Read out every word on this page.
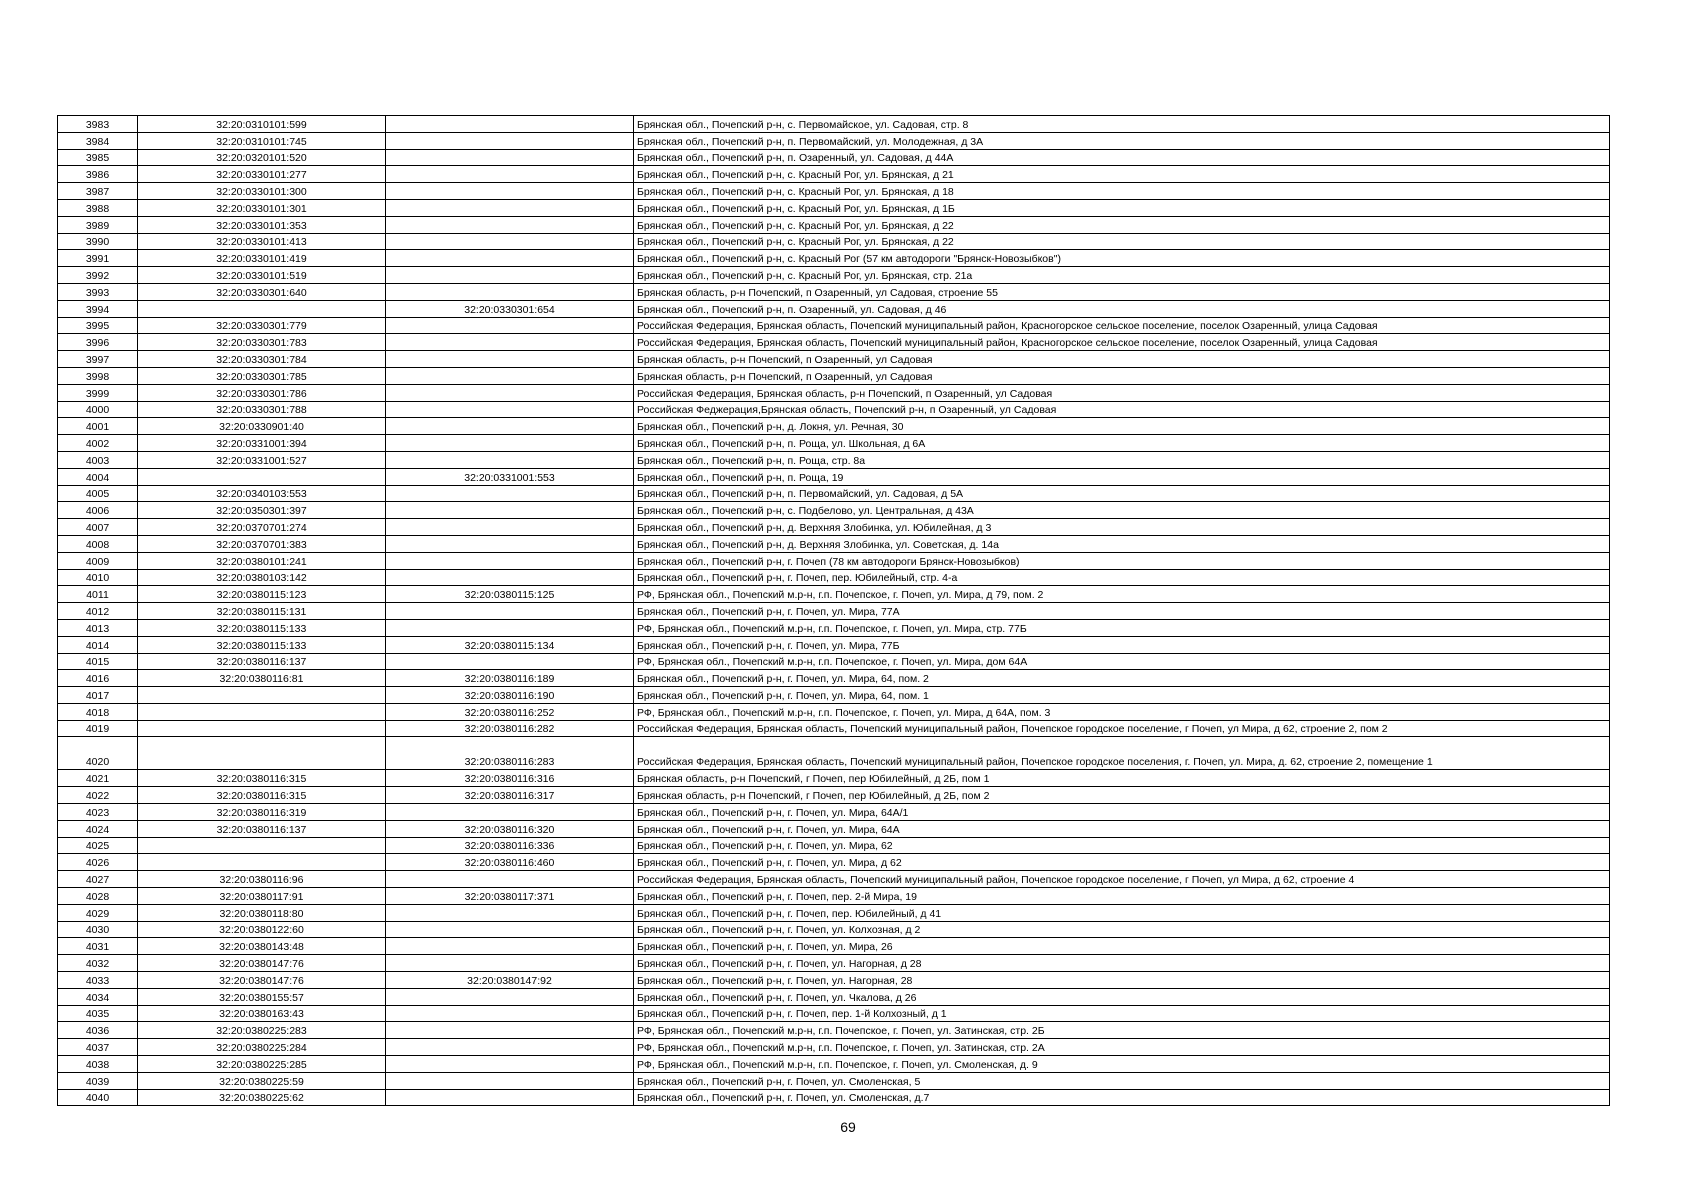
3983	32:20:0310101:599		Брянская обл., Почепский р-н, с. Первомайское, ул. Садовая, стр. 8
3984	32:20:0310101:745		Брянская обл., Почепский р-н, п. Первомайский, ул. Молодежная, д 3А
3985	32:20:0320101:520		Брянская обл., Почепский р-н, п. Озаренный, ул. Садовая, д 44А
3986	32:20:0330101:277		Брянская обл., Почепский р-н, с. Красный Рог, ул. Брянская, д 21
3987	32:20:0330101:300		Брянская обл., Почепский р-н, с. Красный Рог, ул. Брянская, д 18
3988	32:20:0330101:301		Брянская обл., Почепский р-н, с. Красный Рог, ул. Брянская, д 1Б
3989	32:20:0330101:353		Брянская обл., Почепский р-н, с. Красный Рог, ул. Брянская, д 22
3990	32:20:0330101:413		Брянская обл., Почепский р-н, с. Красный Рог, ул. Брянская, д 22
3991	32:20:0330101:419		Брянская обл., Почепский р-н, с. Красный Рог (57 км автодороги "Брянск-Новозыбков")
3992	32:20:0330101:519		Брянская обл., Почепский р-н, с. Красный Рог, ул. Брянская, стр. 21а
3993	32:20:0330301:640		Брянская область, р-н Почепский, п Озаренный, ул Садовая, строение 55
3994		32:20:0330301:654	Брянская обл., Почепский р-н, п. Озаренный, ул. Садовая, д 46
3995	32:20:0330301:779		Российская Федерация, Брянская область, Почепский муниципальный район, Красногорское сельское поселение, поселок Озаренный, улица Садовая
3996	32:20:0330301:783		Российская Федерация, Брянская область, Почепский муниципальный район, Красногорское сельское поселение, поселок Озаренный, улица Садовая
3997	32:20:0330301:784		Брянская область, р-н Почепский, п Озаренный, ул Садовая
3998	32:20:0330301:785		Брянская область, р-н Почепский, п Озаренный, ул Садовая
3999	32:20:0330301:786		Российская Федерация, Брянская область, р-н Почепский, п Озаренный, ул Садовая
4000	32:20:0330301:788		Российская Феджерация,Брянская область, Почепский р-н, п Озаренный, ул Садовая
4001	32:20:0330901:40		Брянская обл., Почепский р-н, д. Локня, ул. Речная, 30
4002	32:20:0331001:394		Брянская обл., Почепский р-н, п. Роща, ул. Школьная, д 6А
4003	32:20:0331001:527		Брянская обл., Почепский р-н, п. Роща, стр. 8а
4004		32:20:0331001:553	Брянская обл., Почепский р-н, п. Роща, 19
4005	32:20:0340103:553		Брянская обл., Почепский р-н, п. Первомайский, ул. Садовая, д 5А
4006	32:20:0350301:397		Брянская обл., Почепский р-н, с. Подбелово, ул. Центральная, д 43А
4007	32:20:0370701:274		Брянская обл., Почепский р-н, д. Верхняя Злобинка, ул. Юбилейная, д 3
4008	32:20:0370701:383		Брянская обл., Почепский р-н, д. Верхняя Злобинка, ул. Советская, д. 14а
4009	32:20:0380101:241		Брянская обл., Почепский р-н, г. Почеп (78 км автодороги Брянск-Новозыбков)
4010	32:20:0380103:142		Брянская обл., Почепский р-н, г. Почеп, пер. Юбилейный, стр. 4-а
4011	32:20:0380115:123	32:20:0380115:125	РФ, Брянская обл., Почепский м.р-н, г.п. Почепское, г. Почеп, ул. Мира, д 79, пом. 2
4012	32:20:0380115:131		Брянская обл., Почепский р-н, г. Почеп, ул. Мира, 77А
4013	32:20:0380115:133		РФ, Брянская обл., Почепский м.р-н, г.п. Почепское, г. Почеп, ул. Мира, стр. 77Б
4014	32:20:0380115:133	32:20:0380115:134	Брянская обл., Почепский р-н, г. Почеп, ул. Мира, 77Б
4015	32:20:0380116:137		РФ, Брянская обл., Почепский м.р-н, г.п. Почепское, г. Почеп, ул. Мира, дом 64А
4016	32:20:0380116:81	32:20:0380116:189	Брянская обл., Почепский р-н, г. Почеп, ул. Мира, 64, пом. 2
4017		32:20:0380116:190	Брянская обл., Почепский р-н, г. Почеп, ул. Мира, 64, пом. 1
4018		32:20:0380116:252	РФ, Брянская обл., Почепский м.р-н, г.п. Почепское, г. Почеп, ул. Мира, д 64А, пом. 3
4019		32:20:0380116:282	Российская Федерация, Брянская область, Почепский муниципальный район, Почепское городское поселение, г Почеп, ул Мира, д 62, строение 2, пом 2
4020		32:20:0380116:283	Российская Федерация, Брянская область, Почепский муниципальный район, Почепское городское поселения, г. Почеп, ул. Мира, д. 62, строение 2, помещение 1
4021	32:20:0380116:315	32:20:0380116:316	Брянская область, р-н Почепский, г Почеп, пер Юбилейный, д 2Б, пом 1
4022	32:20:0380116:315	32:20:0380116:317	Брянская область, р-н Почепский, г Почеп, пер Юбилейный, д 2Б, пом 2
4023	32:20:0380116:319		Брянская обл., Почепский р-н, г. Почеп, ул. Мира, 64А/1
4024	32:20:0380116:137	32:20:0380116:320	Брянская обл., Почепский р-н, г. Почеп, ул. Мира, 64А
4025		32:20:0380116:336	Брянская обл., Почепский р-н, г. Почеп, ул. Мира, 62
4026		32:20:0380116:460	Брянская обл., Почепский р-н, г. Почеп, ул. Мира, д 62
4027	32:20:0380116:96		Российская Федерация, Брянская область, Почепский муниципальный район, Почепское городское поселение, г Почеп, ул Мира, д 62, строение 4
4028	32:20:0380117:91	32:20:0380117:371	Брянская обл., Почепский р-н, г. Почеп, пер. 2-й Мира, 19
4029	32:20:0380118:80		Брянская обл., Почепский р-н, г. Почеп, пер. Юбилейный, д 41
4030	32:20:0380122:60		Брянская обл., Почепский р-н, г. Почеп, ул. Колхозная, д 2
4031	32:20:0380143:48		Брянская обл., Почепский р-н, г. Почеп, ул. Мира, 26
4032	32:20:0380147:76		Брянская обл., Почепский р-н, г. Почеп, ул. Нагорная, д 28
4033	32:20:0380147:76	32:20:0380147:92	Брянская обл., Почепский р-н, г. Почеп, ул. Нагорная, 28
4034	32:20:0380155:57		Брянская обл., Почепский р-н, г. Почеп, ул. Чкалова, д 26
4035	32:20:0380163:43		Брянская обл., Почепский р-н, г. Почеп, пер. 1-й Колхозный, д 1
4036	32:20:0380225:283		РФ, Брянская обл., Почепский м.р-н, г.п. Почепское, г. Почеп, ул. Затинская, стр. 2Б
4037	32:20:0380225:284		РФ, Брянская обл., Почепский м.р-н, г.п. Почепское, г. Почеп, ул. Затинская, стр. 2А
4038	32:20:0380225:285		РФ, Брянская обл., Почепский м.р-н, г.п. Почепское, г. Почеп, ул. Смоленская, д. 9
4039	32:20:0380225:59		Брянская обл., Почепский р-н, г. Почеп, ул. Смоленская, 5
4040	32:20:0380225:62		Брянская обл., Почепский р-н, г. Почеп, ул. Смоленская, д.7
69
